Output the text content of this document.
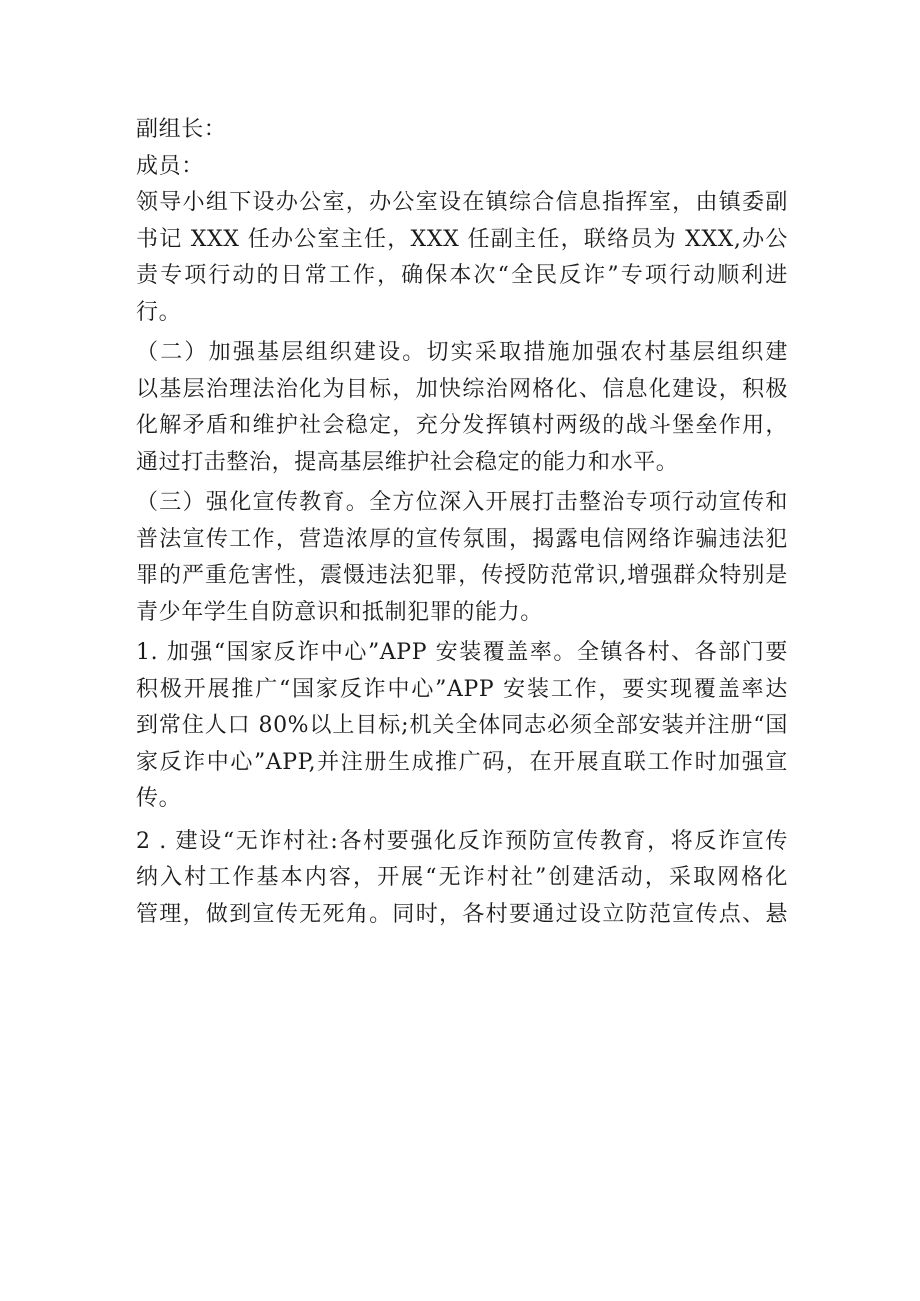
副组长：
成员：
领导小组下设办公室，办公室设在镇综合信息指挥室，由镇委副
书记 XXX 任办公室主任，XXX 任副主任，联络员为 XXX,办公
责专项行动的日常工作，确保本次“全民反诈”专项行动顺利进
行。
（二）加强基层组织建设。切实采取措施加强农村基层组织建
以基层治理法治化为目标，加快综治网格化、信息化建设，积极
化解矛盾和维护社会稳定，充分发挥镇村两级的战斗堡垒作用，
通过打击整治，提高基层维护社会稳定的能力和水平。
（三）强化宣传教育。全方位深入开展打击整治专项行动宣传和
普法宣传工作，营造浓厚的宣传氛围，揭露电信网络诈骗违法犯
罪的严重危害性，震慑违法犯罪，传授防范常识,增强群众特别是
青少年学生自防意识和抵制犯罪的能力。
1. 加强“国家反诈中心”APP 安装覆盖率。全镇各村、各部门要
积极开展推广“国家反诈中心”APP 安装工作，要实现覆盖率达
到常住人口 80%以上目标;机关全体同志必须全部安装并注册“国
家反诈中心”APP,并注册生成推广码，在开展直联工作时加强宣
传。
2 . 建设“无诈村社:各村要强化反诈预防宣传教育，将反诈宣传
纳入村工作基本内容，开展“无诈村社”创建活动，采取网格化
管理，做到宣传无死角。同时，各村要通过设立防范宣传点、悬
